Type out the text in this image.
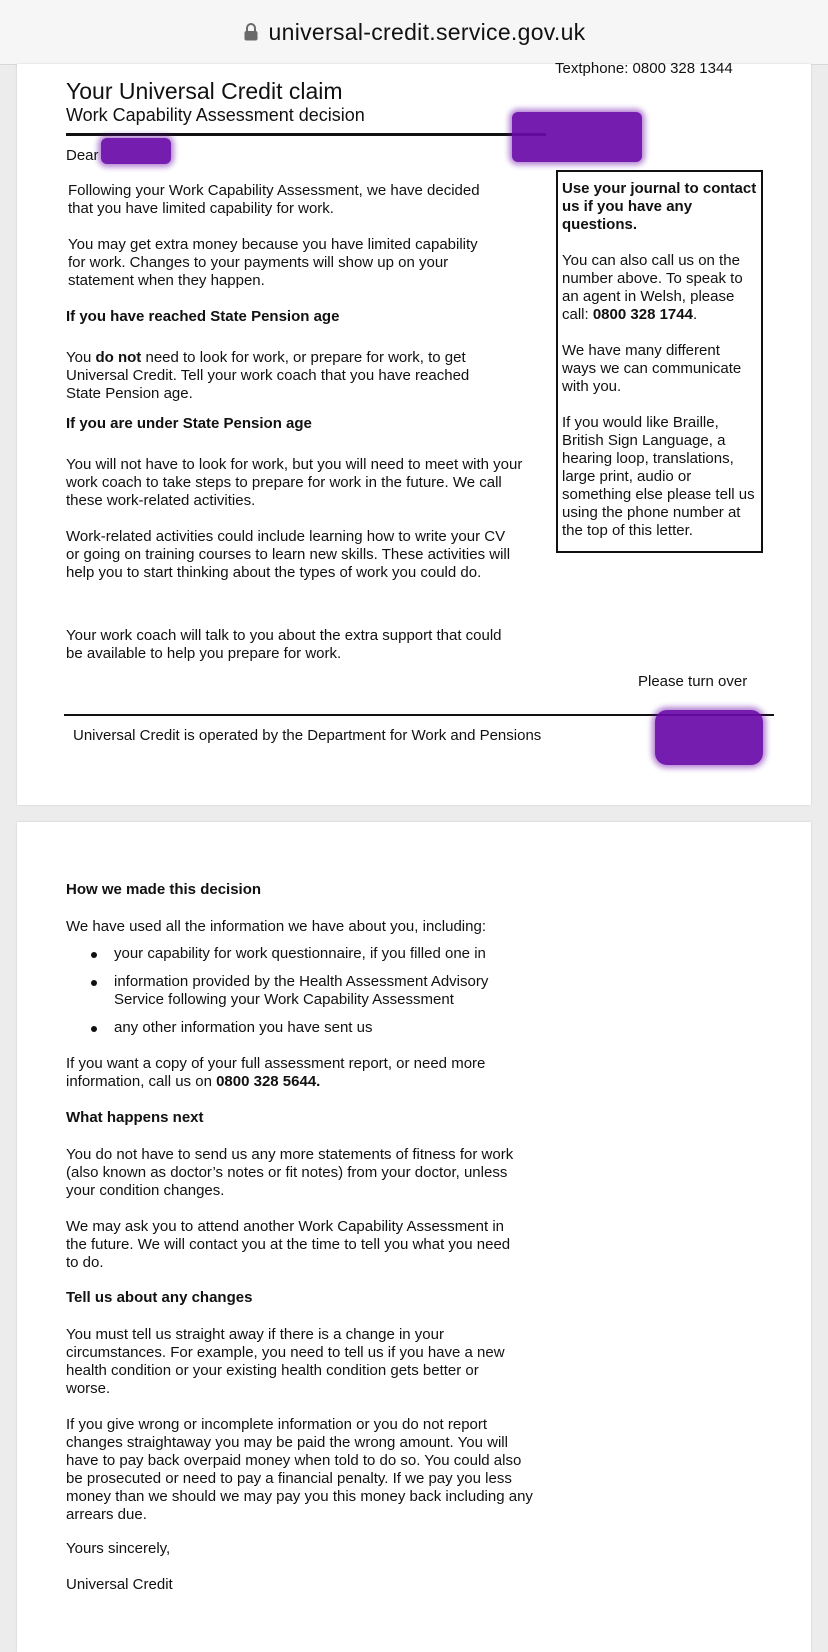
universal-credit.service.gov.uk
Textphone: 0800 328 1344
Your Universal Credit claim
Work Capability Assessment decision
Dear

Use your journal to contact us if you have any questions.

You can also call us on the number above. To speak to an agent in Welsh, please call: 0800 328 1744.

We have many different ways we can communicate with you.

If you would like Braille, British Sign Language, a hearing loop, translations, large print, audio or something else please tell us using the phone number at the top of this letter.

Following your Work Capability Assessment, we have decided that you have limited capability for work.
You may get extra money because you have limited capability for work. Changes to your payments will show up on your statement when they happen.
If you have reached State Pension age
You do not need to look for work, or prepare for work, to get Universal Credit. Tell your work coach that you have reached State Pension age.
If you are under State Pension age
You will not have to look for work, but you will need to meet with your work coach to take steps to prepare for work in the future. We call these work-related activities.
Work-related activities could include learning how to write your CV or going on training courses to learn new skills. These activities will help you to start thinking about the types of work you could do.
Your work coach will talk to you about the extra support that could be available to help you prepare for work.
Please turn over
Universal Credit is operated by the Department for Work and Pensions
How we made this decision
We have used all the information we have about you, including:
your capability for work questionnaire, if you filled one in
information provided by the Health Assessment Advisory Service following your Work Capability Assessment
any other information you have sent us
If you want a copy of your full assessment report, or need more information, call us on 0800 328 5644.
What happens next
You do not have to send us any more statements of fitness for work (also known as doctor’s notes or fit notes) from your doctor, unless your condition changes.
We may ask you to attend another Work Capability Assessment in the future. We will contact you at the time to tell you what you need to do.
Tell us about any changes
You must tell us straight away if there is a change in your circumstances. For example, you need to tell us if you have a new health condition or your existing health condition gets better or worse.
If you give wrong or incomplete information or you do not report changes straightaway you may be paid the wrong amount. You will have to pay back overpaid money when told to do so. You could also be prosecuted or need to pay a financial penalty. If we pay you less money than we should we may pay you this money back including any arrears due.
Yours sincerely,
Universal Credit
